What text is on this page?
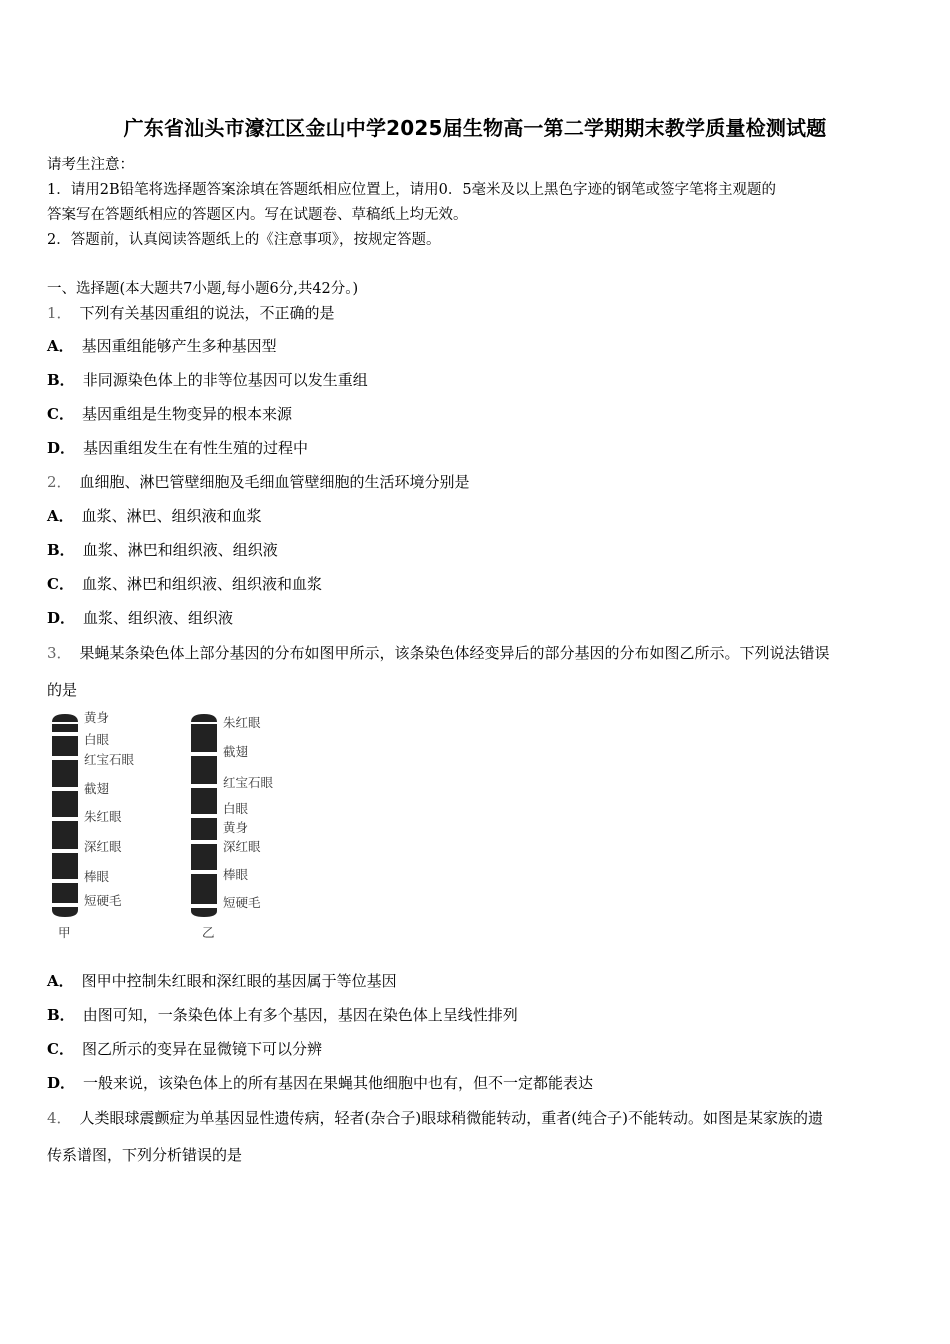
广东省汕头市濠江区金山中学2025届生物高一第二学期期末教学质量检测试题
请考生注意：
1．请用2B铅笔将选择题答案涂填在答题纸相应位置上，请用0．5毫米及以上黑色字迹的钢笔或签字笔将主观题的
答案写在答题纸相应的答题区内。写在试题卷、草稿纸上均无效。
2．答题前，认真阅读答题纸上的《注意事项》，按规定答题。
一、选择题(本大题共7小题,每小题6分,共42分。)
1． 下列有关基因重组的说法，不正确的是
A． 基因重组能够产生多种基因型
B． 非同源染色体上的非等位基因可以发生重组
C． 基因重组是生物变异的根本来源
D． 基因重组发生在有性生殖的过程中
2． 血细胞、淋巴管壁细胞及毛细血管壁细胞的生活环境分别是
A． 血浆、淋巴、组织液和血浆
B． 血浆、淋巴和组织液、组织液
C． 血浆、淋巴和组织液、组织液和血浆
D． 血浆、组织液、组织液
3． 果蝇某条染色体上部分基因的分布如图甲所示，该条染色体经变异后的部分基因的分布如图乙所示。下列说法错误
的是
黄身
白眼
红宝石眼
截翅
朱红眼
深红眼
棒眼
短硬毛
甲
朱红眼
截翅
红宝石眼
白眼
黄身
深红眼
棒眼
短硬毛
乙
A． 图甲中控制朱红眼和深红眼的基因属于等位基因
B． 由图可知，一条染色体上有多个基因，基因在染色体上呈线性排列
C． 图乙所示的变异在显微镜下可以分辨
D． 一般来说，该染色体上的所有基因在果蝇其他细胞中也有，但不一定都能表达
4． 人类眼球震颤症为单基因显性遗传病，轻者(杂合子)眼球稍微能转动，重者(纯合子)不能转动。如图是某家族的遗
传系谱图，下列分析错误的是
